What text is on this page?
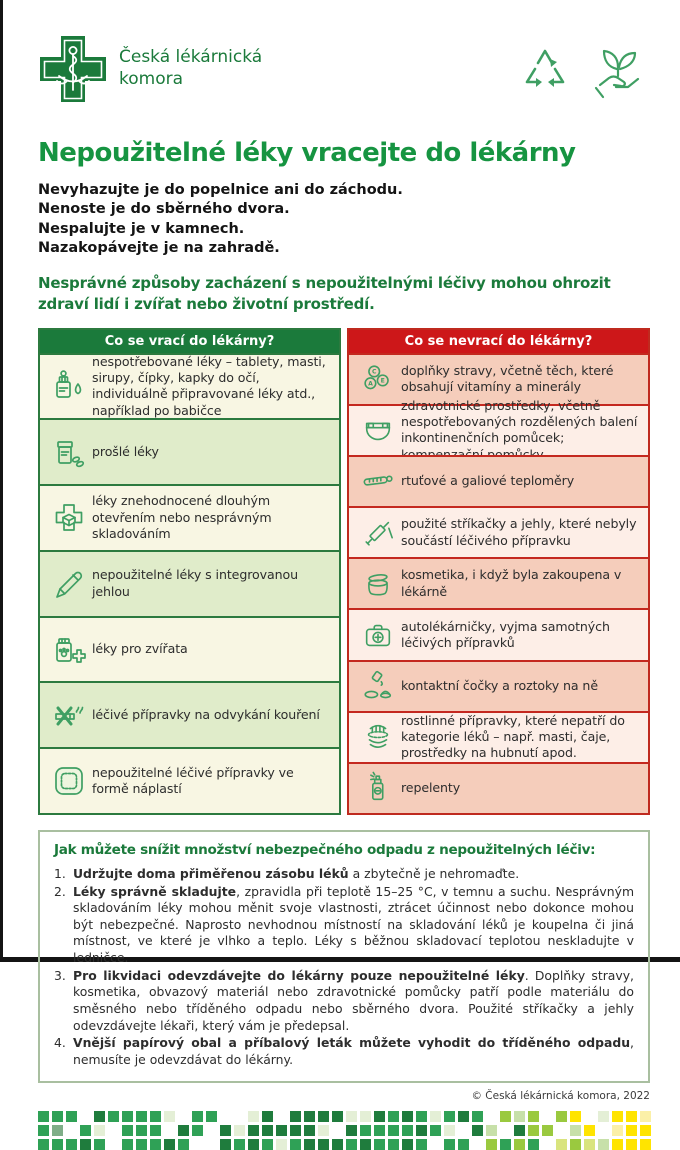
Česká lékárnická
komora
Nepoužitelné léky vracejte do lékárny
Nevyhazujte je do popelnice ani do záchodu.
Nenoste je do sběrného dvora.
Nespalujte je v kamnech.
Nazakopávejte je na zahradě.
Nesprávné způsoby zacházení s nepoužitelnými léčivy mohou ohrozit zdraví lidí i zvířat nebo životní prostředí.
Co se vrací do lékárny?
nespotřebované léky – tablety, masti, sirupy, čípky, kapky do očí, individuálně připravované léky atd., například po babičce
prošlé léky
léky znehodnocené dlouhým otevřením nebo nesprávným skladováním
nepoužitelné léky s integrovanou jehlou
léky pro zvířata
léčivé přípravky na odvykání kouření
nepoužitelné léčivé přípravky ve formě náplastí
Co se nevrací do lékárny?
C
A E
doplňky stravy, včetně těch, které obsahují vitamíny a minerály
zdravotnické prostředky, včetně nespotřebovaných rozdělených balení inkontinenčních pomůcek;
rtuťové a galiové teploměry
použité stříkačky a jehly, které nebyly součástí léčivého přípravku
kosmetika, i když byla zakoupena v lékárně
autolékárničky, vyjma samotných léčivých přípravků
kontaktní čočky a roztoky na ně
rostlinné přípravky, které nepatří do kategorie léků – např. masti, čaje, prostředky na hubnutí apod.
repelenty
Jak můžete snížit množství nebezpečného odpadu z nepoužitelných léčiv:
1. Udržujte doma přiměřenou zásobu léků a zbytečně je nehromaďte.
2. Léky správně skladujte, zpravidla při teplotě 15–25 °C, v temnu a suchu. Nesprávným skladováním léky mohou měnit svoje vlastnosti, ztrácet účinnost nebo dokonce mohou být nebezpečné. Naprosto nevhodnou místností na skladování léků je koupelna či jiná místnost, ve které je vlhko a teplo. Léky s běžnou skladovací teplotou neskladujte v ledničce.
3. Pro likvidaci odevzdávejte do lékárny pouze nepoužitelné léky. Doplňky stravy, kosmetika, obvazový materiál nebo zdravotnické pomůcky patří podle materiálu do směsného nebo tříděného odpadu nebo sběrného dvora. Použité stříkačky a jehly odevzdávejte lékaři, který vám je předepsal.
4. Vnější papírový obal a příbalový leták můžete vyhodit do tříděného odpadu, nemusíte je odevzdávat do lékárny.
© Česká lékárnická komora, 2022
